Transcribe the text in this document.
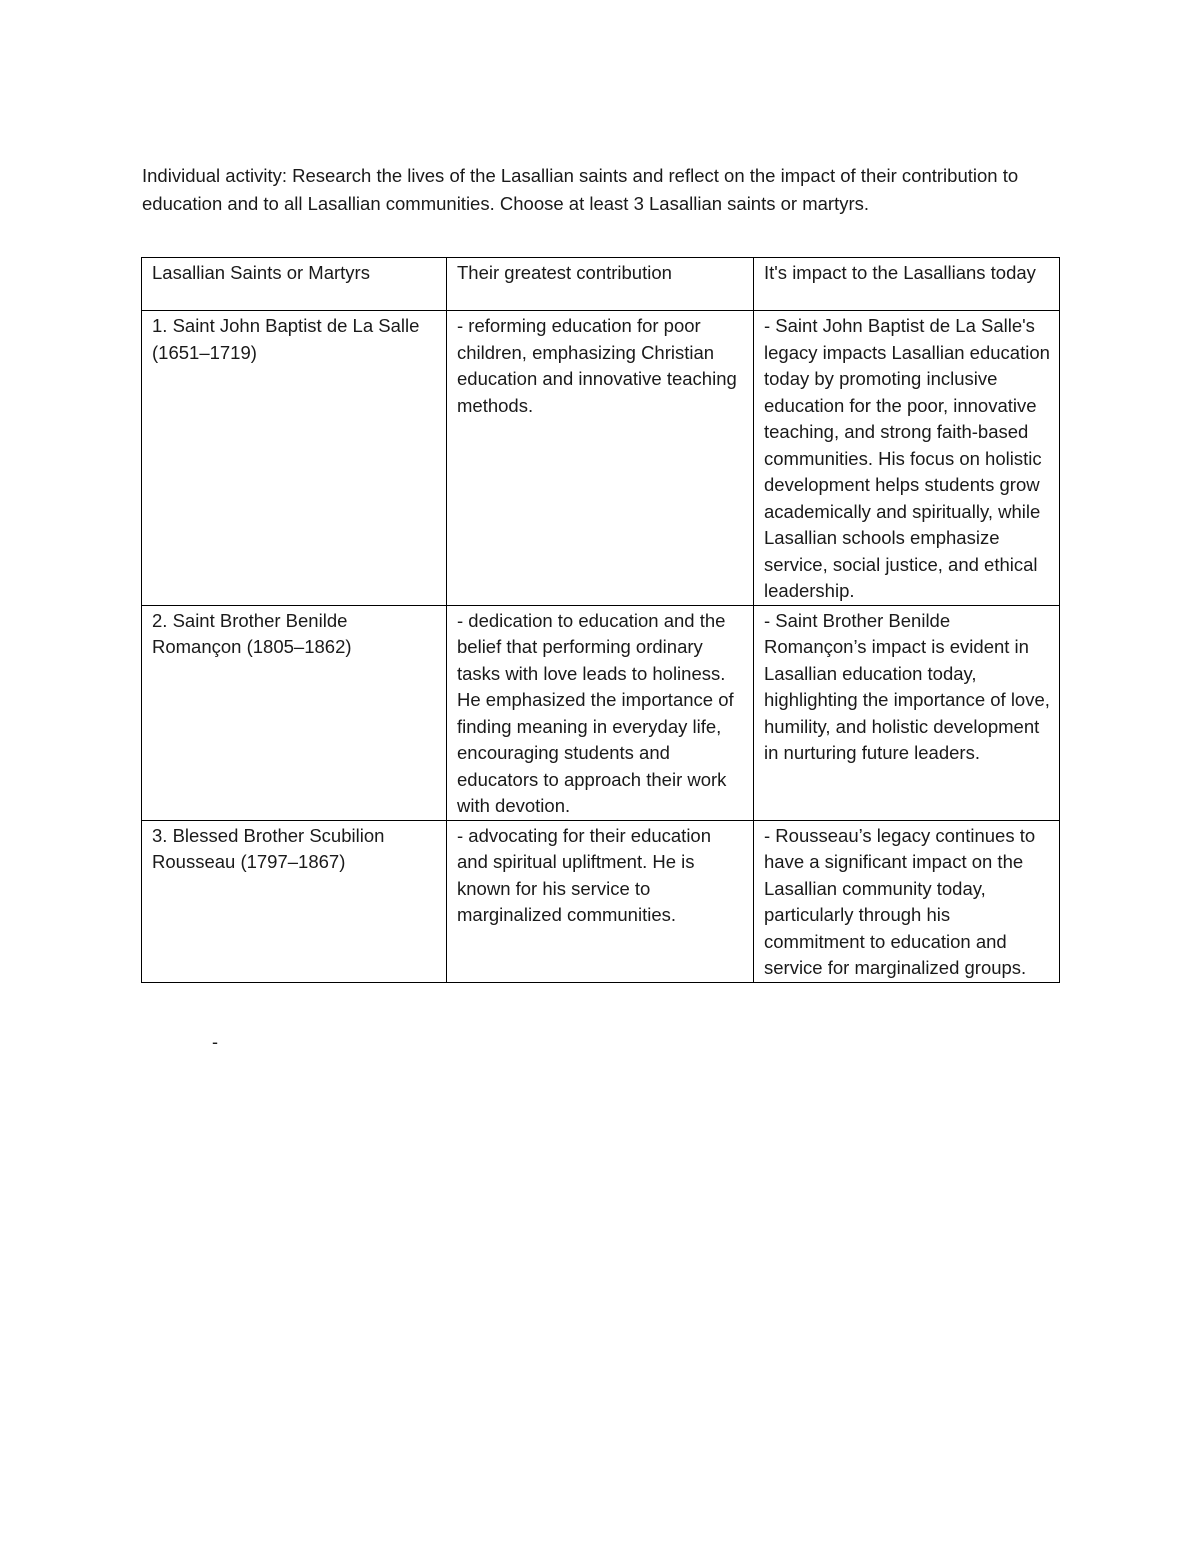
Individual activity: Research the lives of the Lasallian saints and reflect on the impact of their contribution to education and to all Lasallian communities. Choose at least 3 Lasallian saints or martyrs.

Lasallian Saints or Martyrs	Their greatest contribution	It's impact to the Lasallians today
1. Saint John Baptist de La Salle (1651–1719)	- reforming education for poor children, emphasizing Christian education and innovative teaching methods.	- Saint John Baptist de La Salle's legacy impacts Lasallian education today by promoting inclusive education for the poor, innovative teaching, and strong faith-based communities. His focus on holistic development helps students grow academically and spiritually, while Lasallian schools emphasize service, social justice, and ethical leadership.
2. Saint Brother Benilde Romançon (1805–1862)	- dedication to education and the belief that performing ordinary tasks with love leads to holiness. He emphasized the importance of finding meaning in everyday life, encouraging students and educators to approach their work with devotion.	- Saint Brother Benilde Romançon’s impact is evident in Lasallian education today, highlighting the importance of love, humility, and holistic development in nurturing future leaders.
3. Blessed Brother Scubilion Rousseau (1797–1867)	- advocating for their education and spiritual upliftment. He is known for his service to marginalized communities.	- Rousseau’s legacy continues to have a significant impact on the Lasallian community today, particularly through his commitment to education and service for marginalized groups.
-
